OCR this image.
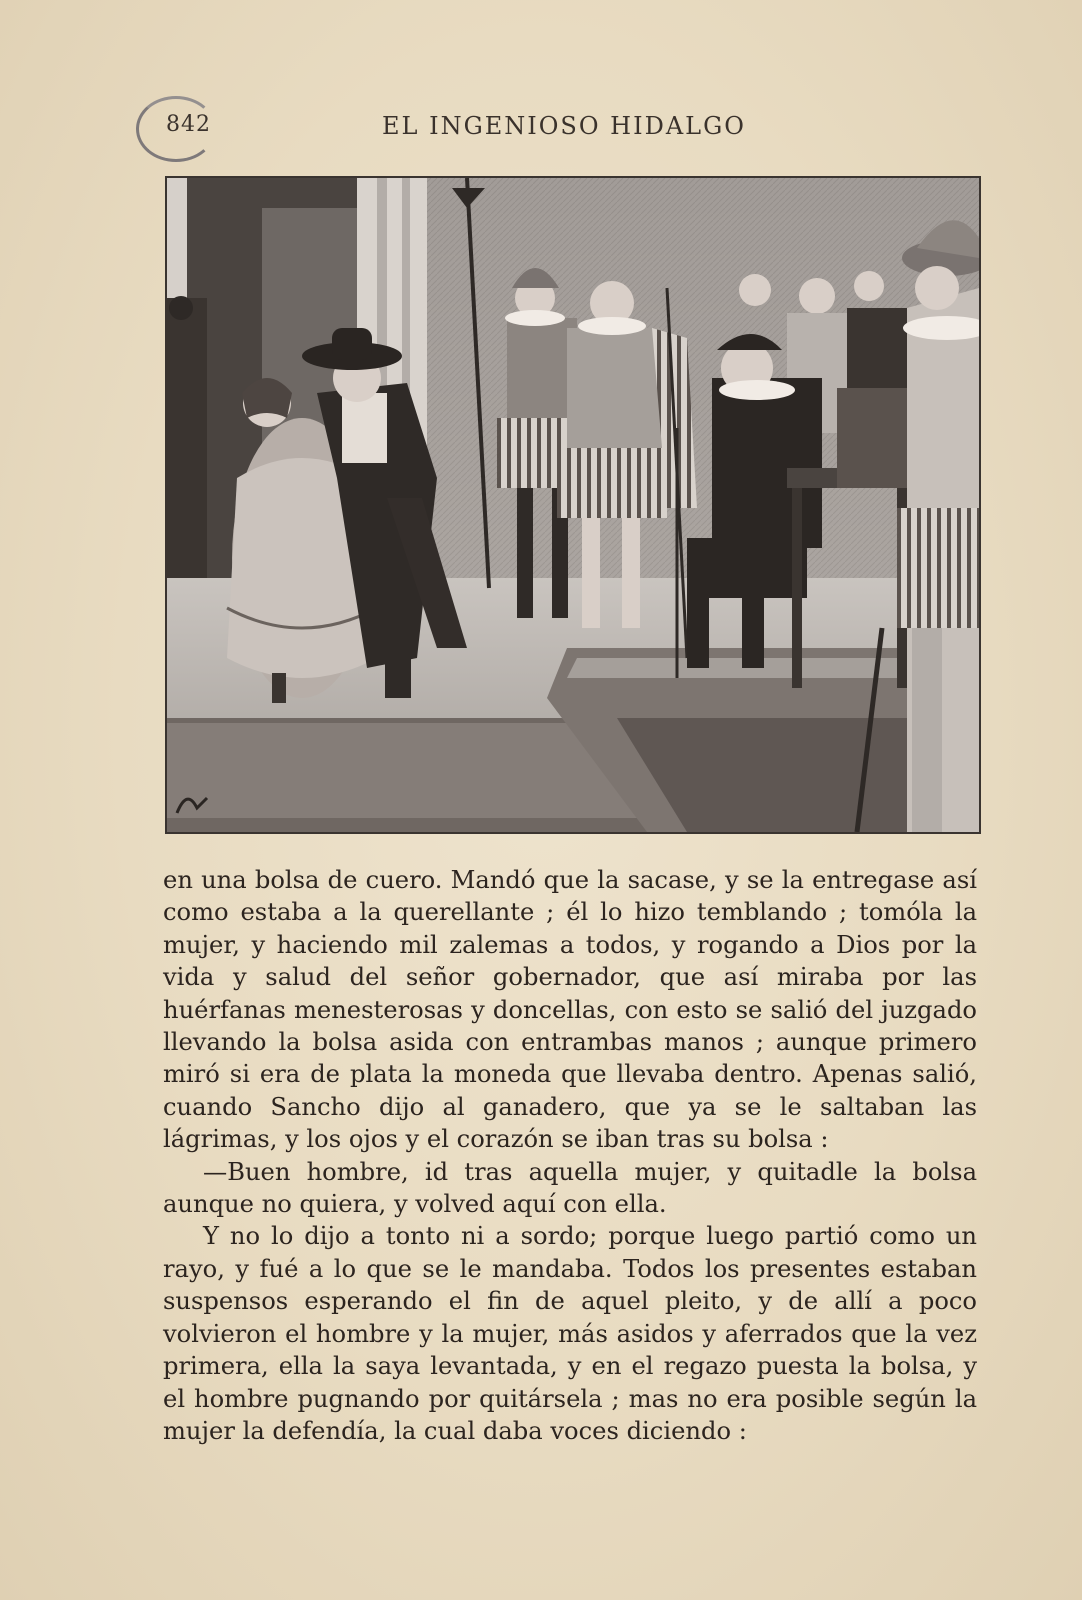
842	EL INGENIOSO HIDALGO

en una bolsa de cuero. Mandó que la sacase, y se la entregase así como estaba a la querellante ; él lo hizo temblando ; tomóla la mujer, y haciendo mil zalemas a todos, y rogando a Dios por la vida y salud del señor gobernador, que así miraba por las huérfanas menesterosas y doncellas, con esto se salió del juzgado llevando la bolsa asida con entrambas manos ; aunque primero miró si era de plata la moneda que llevaba dentro. Apenas salió, cuando Sancho dijo al ganadero, que ya se le saltaban las lágrimas, y los ojos y el corazón se iban tras su bolsa :

—Buen hombre, id tras aquella mujer, y quitadle la bolsa aunque no quiera, y volved aquí con ella.

Y no lo dijo a tonto ni a sordo; porque luego partió como un rayo, y fué a lo que se le mandaba. Todos los presentes estaban suspensos esperando el fin de aquel pleito, y de allí a poco volvieron el hombre y la mujer, más asidos y aferrados que la vez primera, ella la saya levantada, y en el regazo puesta la bolsa, y el hombre pugnando por quitársela ; mas no era posible según la mujer la defendía, la cual daba voces diciendo :
